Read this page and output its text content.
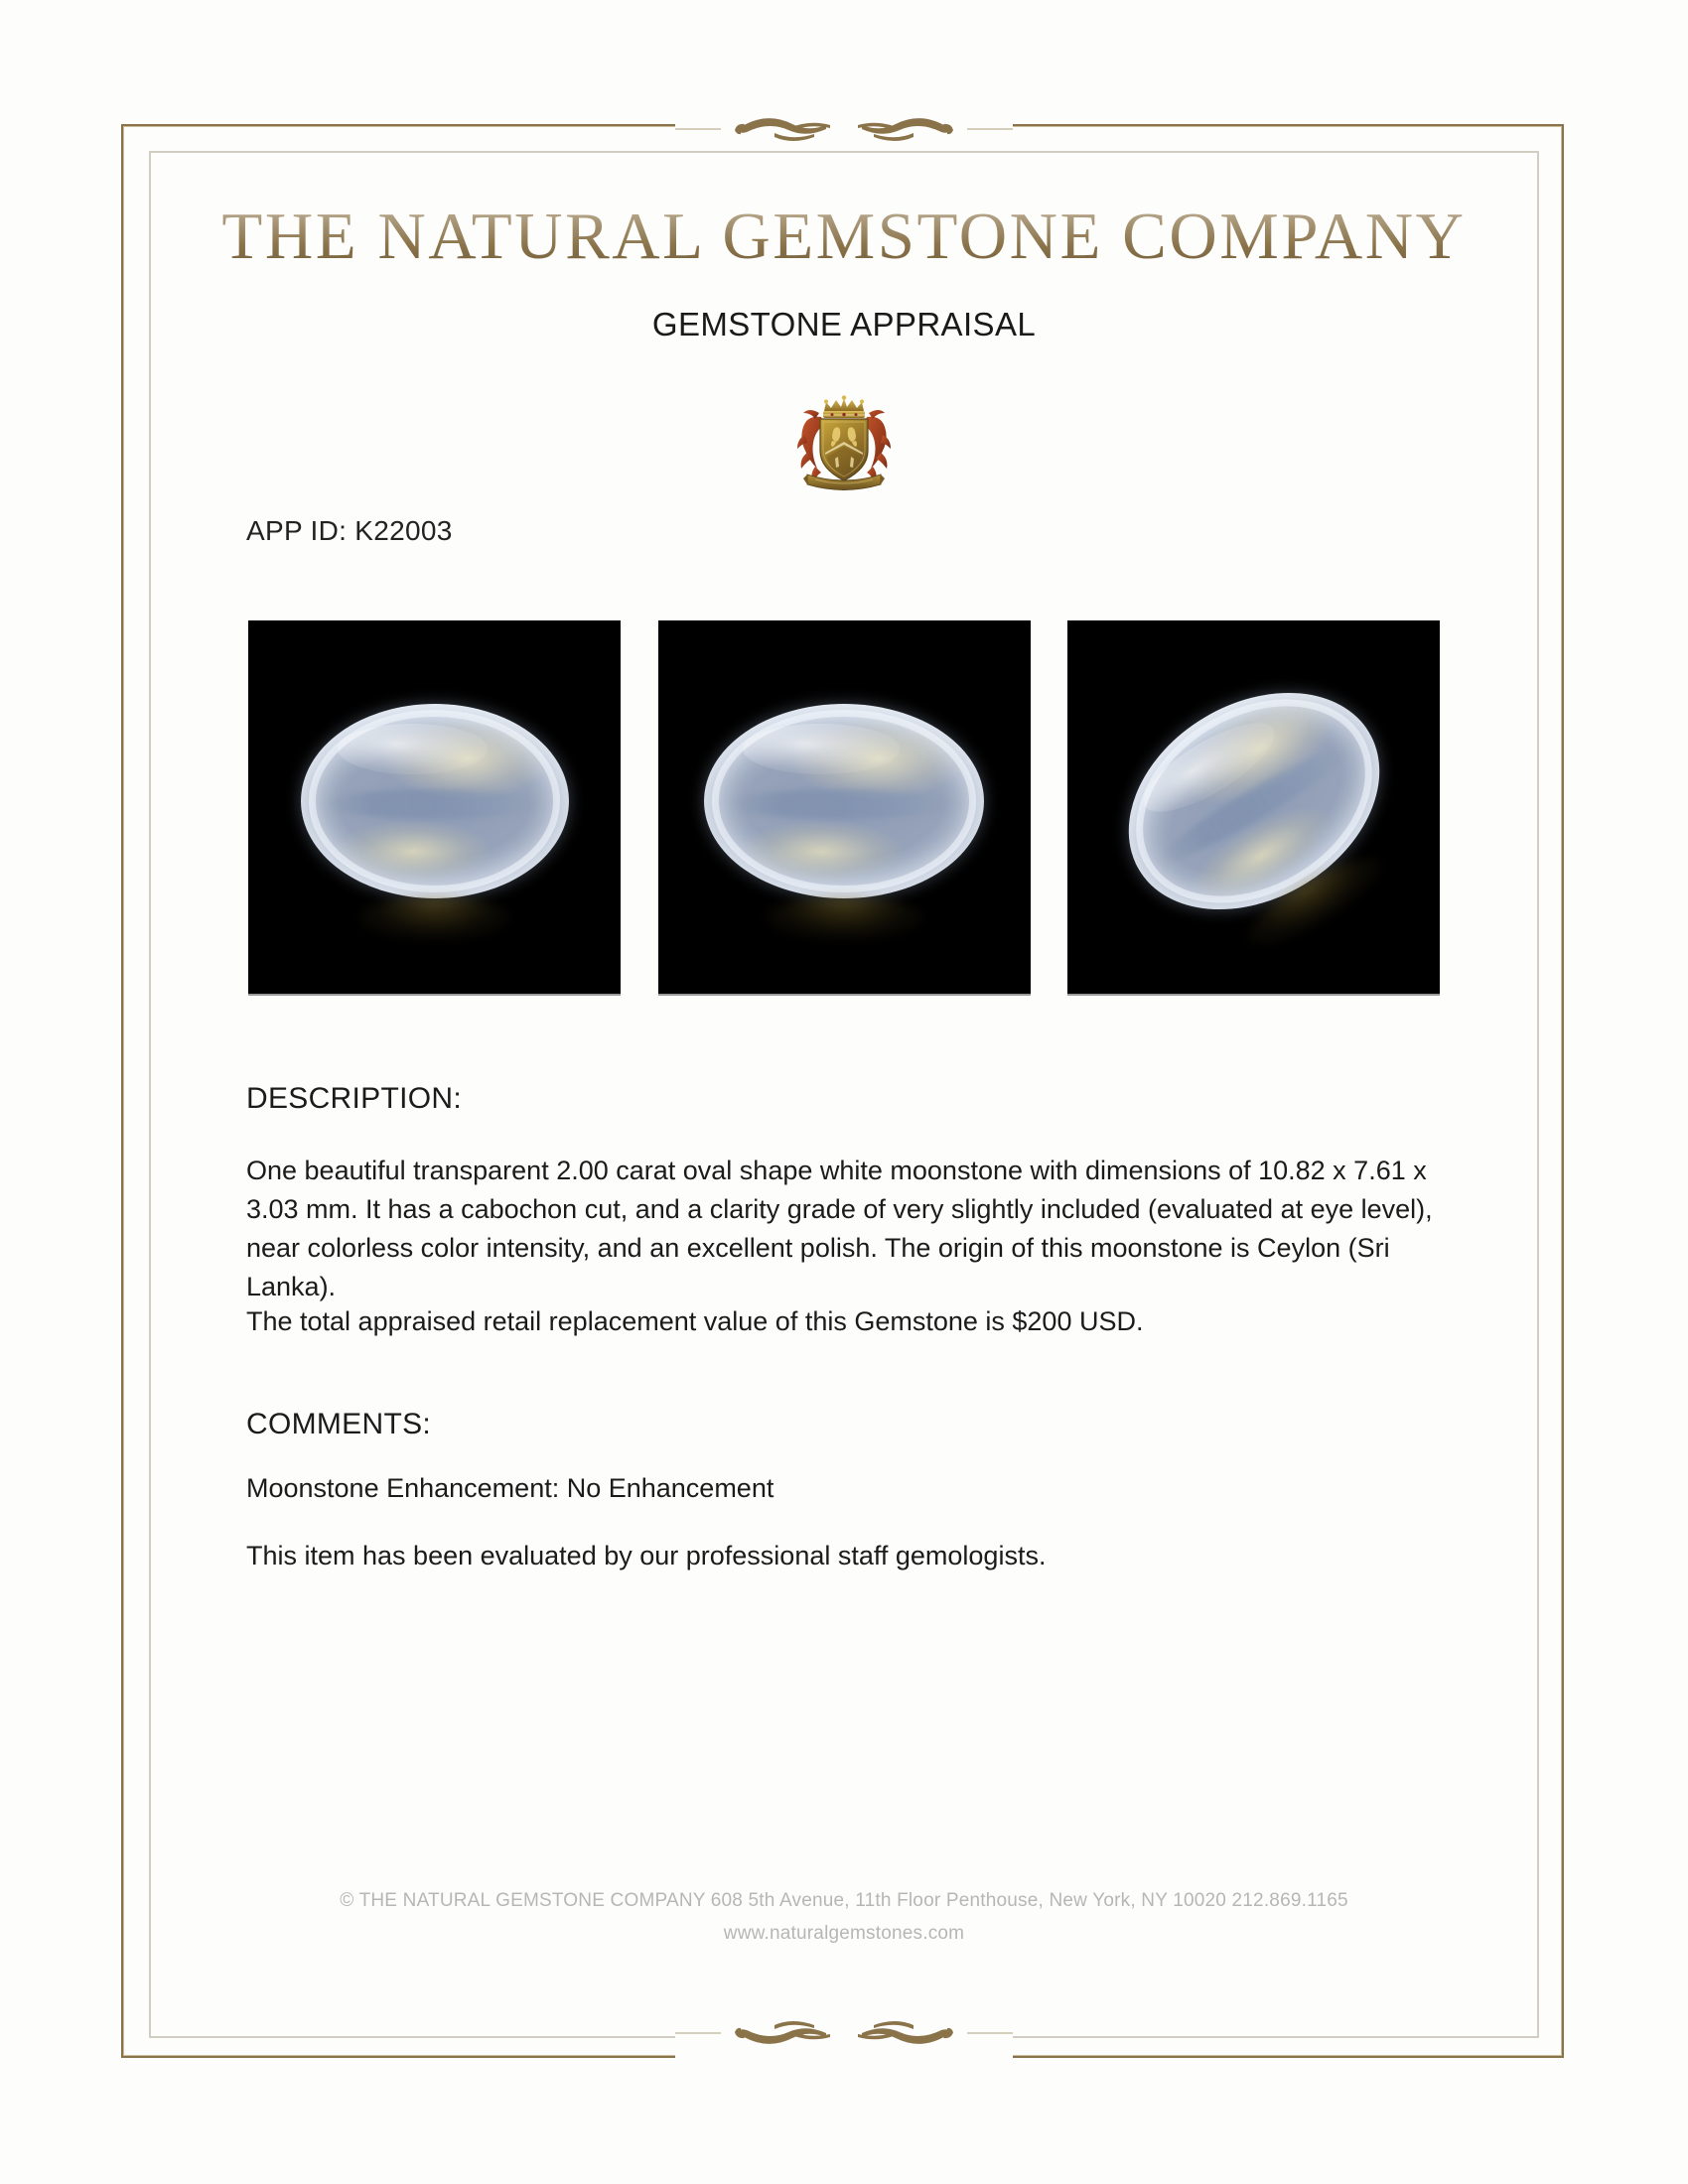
THE NATURAL GEMSTONE COMPANY
GEMSTONE APPRAISAL
APP ID: K22003
DESCRIPTION:
One beautiful transparent 2.00 carat oval shape white moonstone with dimensions of 10.82 x 7.61 x 3.03 mm. It has a cabochon cut, and a clarity grade of very slightly included (evaluated at eye level), near colorless color intensity, and an excellent polish. The origin of this moonstone is Ceylon (Sri Lanka).
The total appraised retail replacement value of this Gemstone is $200 USD.
COMMENTS:
Moonstone Enhancement: No Enhancement
This item has been evaluated by our professional staff gemologists.
© THE NATURAL GEMSTONE COMPANY 608 5th Avenue, 11th Floor Penthouse, New York, NY 10020 212.869.1165
www.naturalgemstones.com
